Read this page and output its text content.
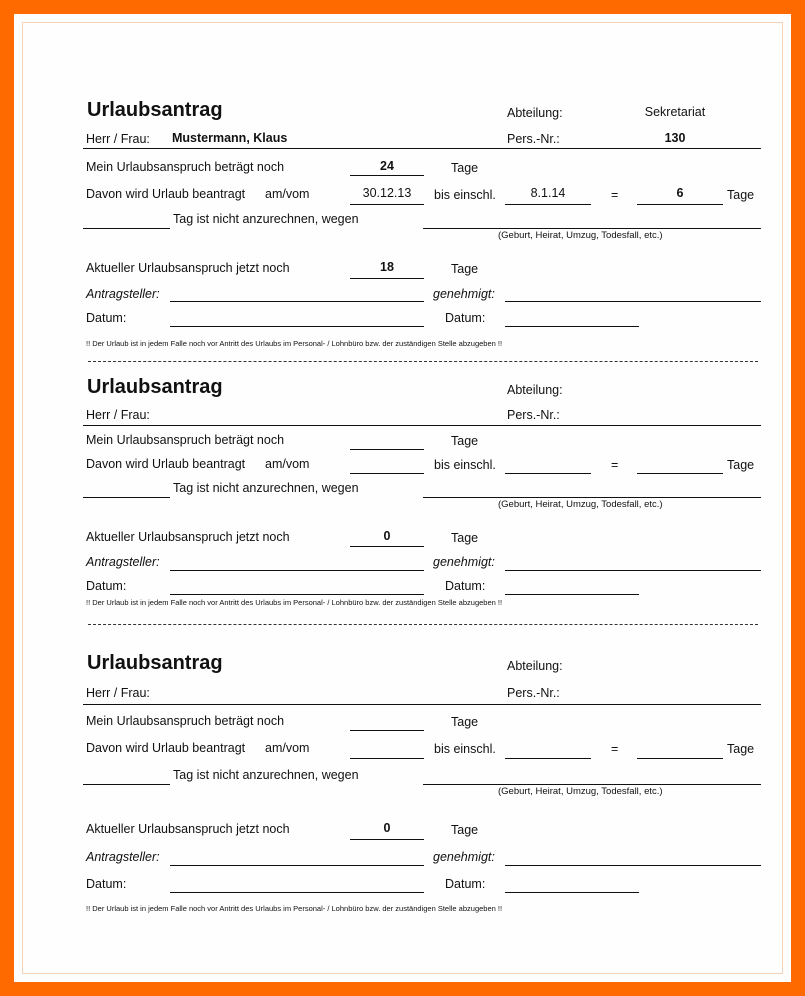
Urlaubsantrag	Abteilung:	Sekretariat
Herr / Frau: Mustermann, Klaus	Pers.-Nr.:	130
Mein Urlaubsanspruch beträgt noch	24	Tage
Davon wird Urlaub beantragt am/vom	30.12.13	bis einschl.	8.1.14	=	6	Tage
Tag ist nicht anzurechnen, wegen
(Geburt, Heirat, Umzug, Todesfall, etc.)
Aktueller Urlaubsanspruch jetzt noch	18	Tage
Antragsteller:	genehmigt:
Datum:	Datum:
!! Der Urlaub ist in jedem Falle noch vor Antritt des Urlaubs im Personal- / Lohnbüro bzw. der zuständigen Stelle abzugeben !!
Urlaubsantrag	Abteilung:
Herr / Frau:	Pers.-Nr.:
Mein Urlaubsanspruch beträgt noch	Tage
Davon wird Urlaub beantragt am/vom	bis einschl.	=	Tage
Tag ist nicht anzurechnen, wegen
(Geburt, Heirat, Umzug, Todesfall, etc.)
Aktueller Urlaubsanspruch jetzt noch	0	Tage
Antragsteller:	genehmigt:
Datum:	Datum:
!! Der Urlaub ist in jedem Falle noch vor Antritt des Urlaubs im Personal- / Lohnbüro bzw. der zuständigen Stelle abzugeben !!
Urlaubsantrag	Abteilung:
Herr / Frau:	Pers.-Nr.:
Mein Urlaubsanspruch beträgt noch	Tage
Davon wird Urlaub beantragt am/vom	bis einschl.	=	Tage
Tag ist nicht anzurechnen, wegen
(Geburt, Heirat, Umzug, Todesfall, etc.)
Aktueller Urlaubsanspruch jetzt noch	0	Tage
Antragsteller:	genehmigt:
Datum:	Datum:
!! Der Urlaub ist in jedem Falle noch vor Antritt des Urlaubs im Personal- / Lohnbüro bzw. der zuständigen Stelle abzugeben !!
